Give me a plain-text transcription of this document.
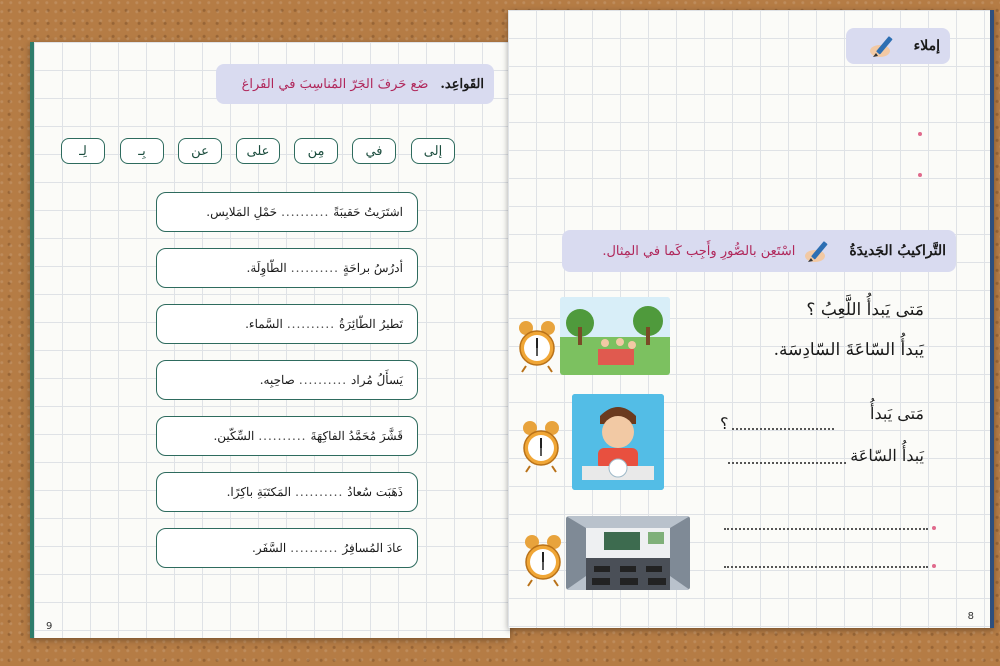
القَواعِد.
ضَع حَرفَ الجَرّ المُناسِبَ في الفَراغ
إلى
في
مِن
على
عن
بِـ
لِـ
اشتَرَيتُ حَقيبَةً
..........
حَمْلِ المَلابِس.
أدرُسُ براحَةٍ
..........
الطّاوِلَة.
تَطيرُ الطّائِرَةُ
..........
السَّماء.
يَسأَلُ مُراد
..........
صاحِبِه.
قَشَّرَ مُحَمَّدُ الفاكِهَةَ
..........
السِّكّين.
ذَهَبَت سُعادُ
..........
المَكتَبَةِ باكِرًا.
عادَ المُسافِرُ
..........
السَّفَر.
9
إملاء
التَّراكيبُ الجَديدَةُ
اسْتَعِن بالصُّورِ وأَجِب كَما في المِثال.
مَتى يَبدأُ اللَّعِبُ ؟
يَبدأُ السّاعَةَ السّادِسَة.
مَتى يَبدأُ
؟
يَبدأُ السّاعَة
8
